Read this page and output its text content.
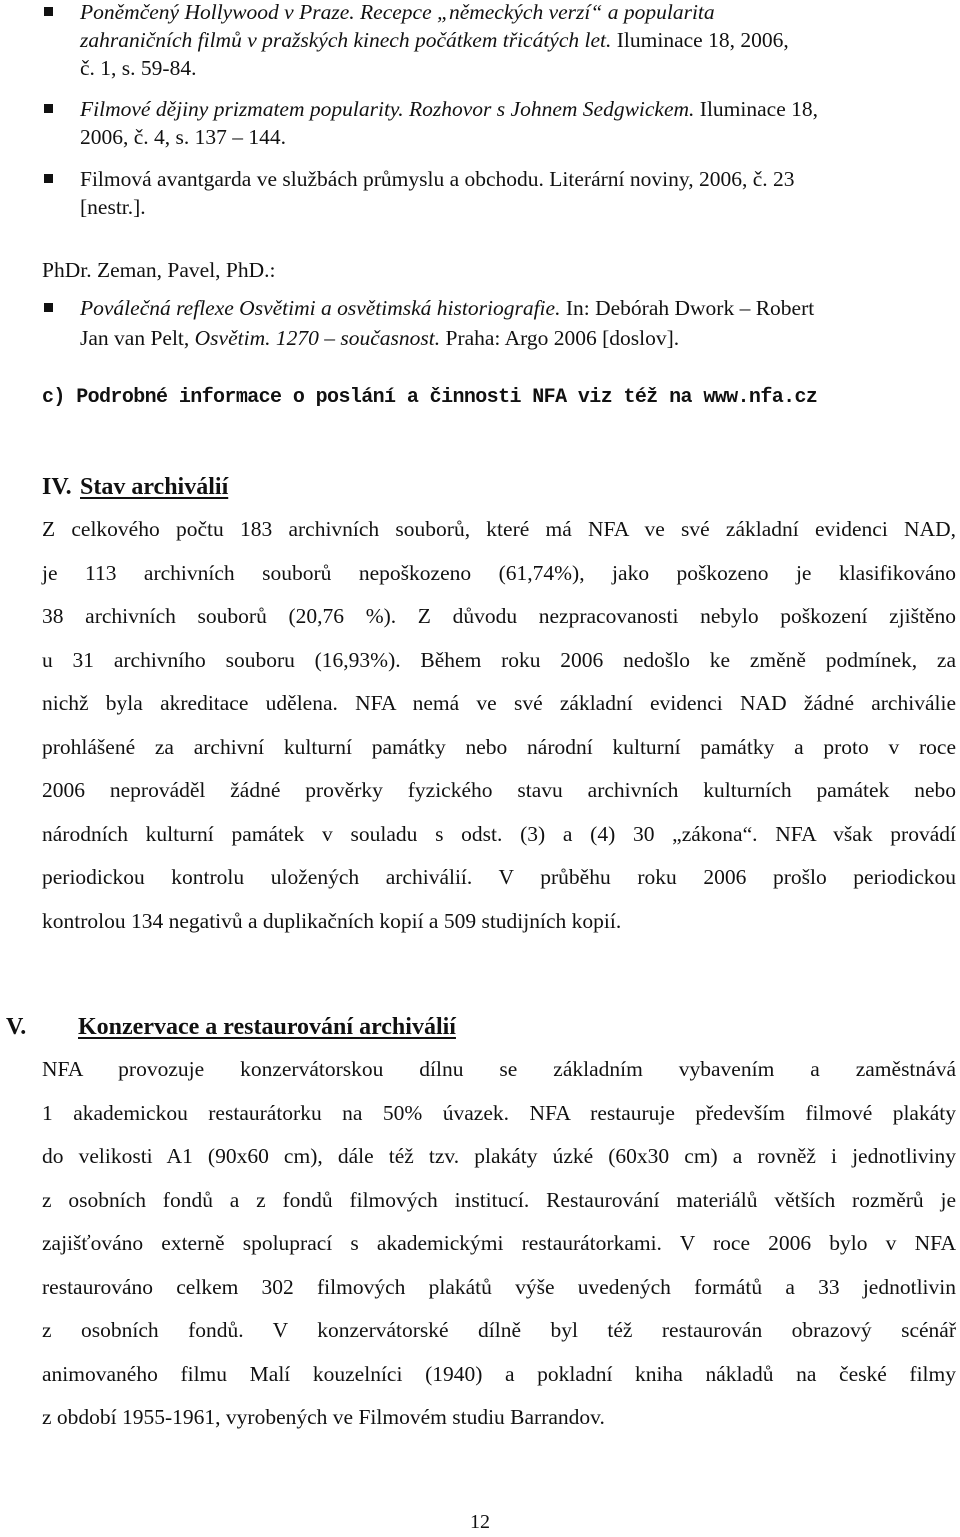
Poněmčený Hollywood v Praze. Recepce „německých verzí“ a popularita
zahraničních filmů v pražských kinech počátkem třicátých let. Iluminace 18, 2006,
č. 1, s. 59-84.
Filmové dějiny prizmatem popularity. Rozhovor s Johnem Sedgwickem. Iluminace 18,
2006, č. 4, s. 137 – 144.
Filmová avantgarda ve službách průmyslu a obchodu. Literární noviny, 2006, č. 23
[nestr.].
PhDr. Zeman, Pavel, PhD.:
Poválečná reflexe Osvětimi a osvětimská historiografie. In: Debórah Dwork – Robert
Jan van Pelt, Osvětim. 1270 – současnost. Praha: Argo 2006 [doslov].
c) Podrobné informace o poslání a činnosti NFA viz též na www.nfa.cz
IV. Stav archiválií
Z celkového počtu 183 archivních souborů, které má NFA ve své základní evidenci NAD,
je 113 archivních souborů nepoškozeno (61,74%), jako poškozeno je klasifikováno
38 archivních souborů (20,76 %). Z důvodu nezpracovanosti nebylo poškození zjištěno
u 31 archivního souboru (16,93%). Během roku 2006 nedošlo ke změně podmínek, za
nichž byla akreditace udělena. NFA nemá ve své základní evidenci NAD žádné archiválie
prohlášené za archivní kulturní památky nebo národní kulturní památky a proto v roce
2006 neprováděl žádné prověrky fyzického stavu archivních kulturních památek nebo
národních kulturní památek v souladu s odst. (3) a (4) 30 „zákona“. NFA však provádí
periodickou kontrolu uložených archiválií. V průběhu roku 2006 prošlo periodickou
kontrolou 134 negativů a duplikačních kopií a 509 studijních kopií.
V. Konzervace a restaurování archiválií
NFA provozuje konzervátorskou dílnu se základním vybavením a zaměstnává
1 akademickou restaurátorku na 50% úvazek. NFA restauruje především filmové plakáty
do velikosti A1 (90x60 cm), dále též tzv. plakáty úzké (60x30 cm) a rovněž i jednotliviny
z osobních fondů a z fondů filmových institucí. Restaurování materiálů větších rozměrů je
zajišťováno externě spoluprací s akademickými restaurátorkami. V roce 2006 bylo v NFA
restaurováno celkem 302 filmových plakátů výše uvedených formátů a 33 jednotlivin
z osobních fondů. V konzervátorské dílně byl též restaurován obrazový scénář
animovaného filmu Malí kouzelníci (1940) a pokladní kniha nákladů na české filmy
z období 1955-1961, vyrobených ve Filmovém studiu Barrandov.
12
